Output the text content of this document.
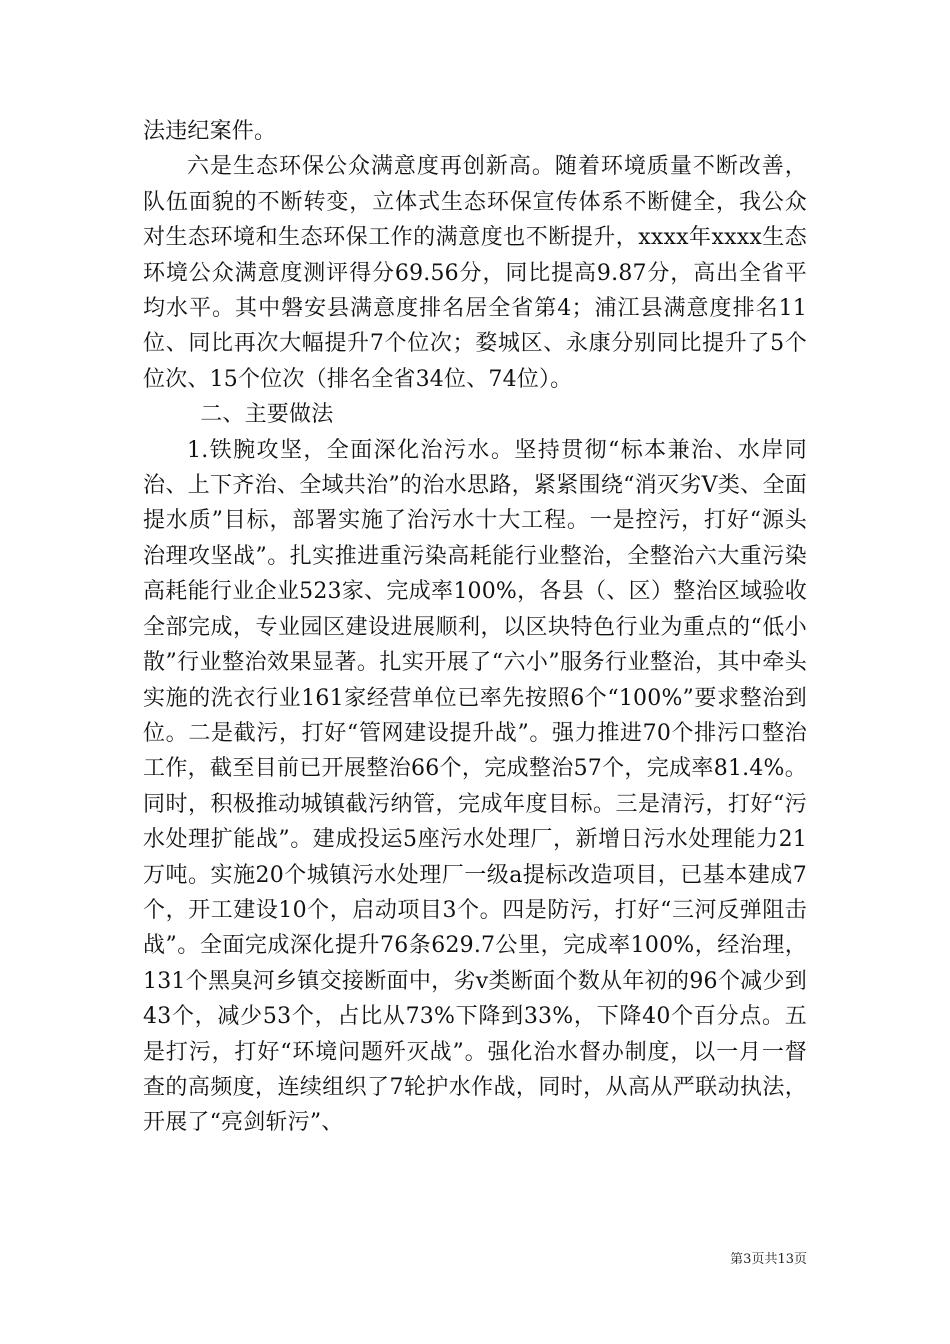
法违纪案件。

六是生态环保公众满意度再创新高。随着环境质量不断改善，队伍面貌的不断转变，立体式生态环保宣传体系不断健全，我公众对生态环境和生态环保工作的满意度也不断提升，xxxx年xxxx生态环境公众满意度测评得分69.56分，同比提高9.87分，高出全省平均水平。其中磐安县满意度排名居全省第4；浦江县满意度排名11位、同比再次大幅提升7个位次；婺城区、永康分别同比提升了5个位次、15个位次（排名全省34位、74位）。

二、主要做法

1.铁腕攻坚，全面深化治污水。坚持贯彻“标本兼治、水岸同治、上下齐治、全域共治”的治水思路，紧紧围绕“消灭劣Ⅴ类、全面提水质”目标，部署实施了治污水十大工程。一是控污，打好“源头治理攻坚战”。扎实推进重污染高耗能行业整治，全整治六大重污染高耗能行业企业523家、完成率100%，各县（、区）整治区域验收全部完成，专业园区建设进展顺利，以区块特色行业为重点的“低小散”行业整治效果显著。扎实开展了“六小”服务行业整治，其中牵头实施的洗衣行业161家经营单位已率先按照6个“100%”要求整治到位。二是截污，打好“管网建设提升战”。强力推进70个排污口整治工作，截至目前已开展整治66个，完成整治57个，完成率81.4%。同时，积极推动城镇截污纳管，完成年度目标。三是清污，打好“污水处理扩能战”。建成投运5座污水处理厂，新增日污水处理能力21万吨。实施20个城镇污水处理厂一级a提标改造项目，已基本建成7个，开工建设10个，启动项目3个。四是防污，打好“三河反弹阻击战”。全面完成深化提升76条629.7公里，完成率100%，经治理，131个黑臭河乡镇交接断面中，劣v类断面个数从年初的96个减少到43个，减少53个，占比从73%下降到33%，下降40个百分点。五是打污，打好“环境问题歼灭战”。强化治水督办制度，以一月一督查的高频度，连续组织了7轮护水作战，同时，从高从严联动执法，开展了“亮剑斩污”、

第3页共13页
